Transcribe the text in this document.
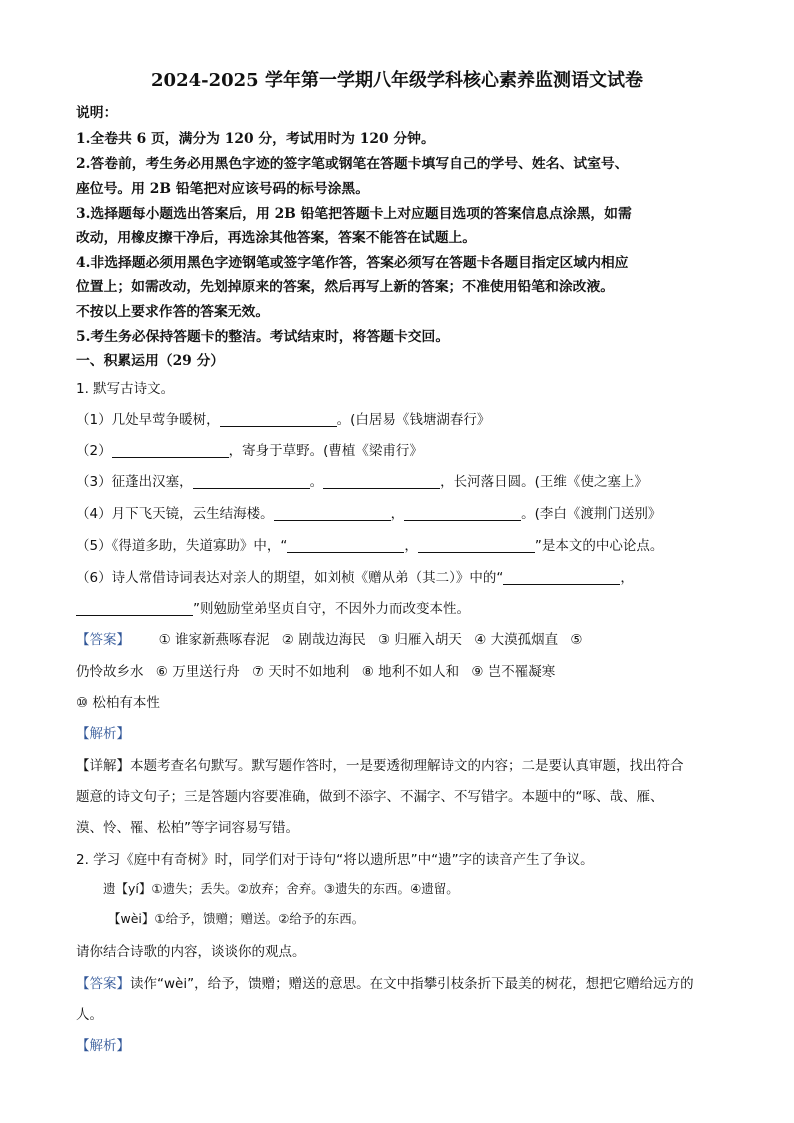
2024-2025 学年第一学期八年级学科核心素养监测语文试卷
说明：
1.全卷共 6 页，满分为 120 分，考试用时为 120 分钟。
2.答卷前，考生务必用黑色字迹的签字笔或钢笔在答题卡填写自己的学号、姓名、试室号、
座位号。用 2B 铅笔把对应该号码的标号涂黑。
3.选择题每小题选出答案后，用 2B 铅笔把答题卡上对应题目选项的答案信息点涂黑，如需
改动，用橡皮擦干净后，再选涂其他答案，答案不能答在试题上。
4.非选择题必须用黑色字迹钢笔或签字笔作答，答案必须写在答题卡各题目指定区域内相应
位置上；如需改动，先划掉原来的答案，然后再写上新的答案；不准使用铅笔和涂改液。
不按以上要求作答的答案无效。
5.考生务必保持答题卡的整洁。考试结束时，将答题卡交回。
一、积累运用（29 分）
1. 默写古诗文。
（1）几处早莺争暖树，	。(白居易《钱塘湖春行》
（2）	，寄身于草野。(曹植《梁甫行》
（3）征蓬出汉塞，	。	，长河落日圆。(王维《使之塞上》
（4）月下飞天镜，云生结海楼。	，	。(李白《渡荆门送别》
（5）《得道多助，失道寡助》中，“	，	”是本文的中心论点。
（6）诗人常借诗词表达对亲人的期望，如刘桢《赠从弟（其二）》中的“	，
”则勉励堂弟坚贞自守，不因外力而改变本性。
【答案】 ① 谁家新燕啄春泥 ② 剧哉边海民 ③ 归雁入胡天 ④ 大漠孤烟直 ⑤
仍怜故乡水 ⑥ 万里送行舟 ⑦ 天时不如地利 ⑧ 地利不如人和 ⑨ 岂不罹凝寒
⑩ 松柏有本性
【解析】
【详解】本题考查名句默写。默写题作答时，一是要透彻理解诗文的内容；二是要认真审题，找出符合
题意的诗文句子；三是答题内容要准确，做到不添字、不漏字、不写错字。本题中的“啄、哉、雁、
漠、怜、罹、松柏”等字词容易写错。
2. 学习《庭中有奇树》时，同学们对于诗句“将以遗所思”中“遗”字的读音产生了争议。
遗【yí】①遗失；丢失。②放弃；舍弃。③遗失的东西。④遗留。
【wèi】①给予，馈赠；赠送。②给予的东西。
请你结合诗歌的内容，谈谈你的观点。
【答案】读作“wèi”，给予，馈赠；赠送的意思。在文中指攀引枝条折下最美的树花，想把它赠给远方的
人。
【解析】
